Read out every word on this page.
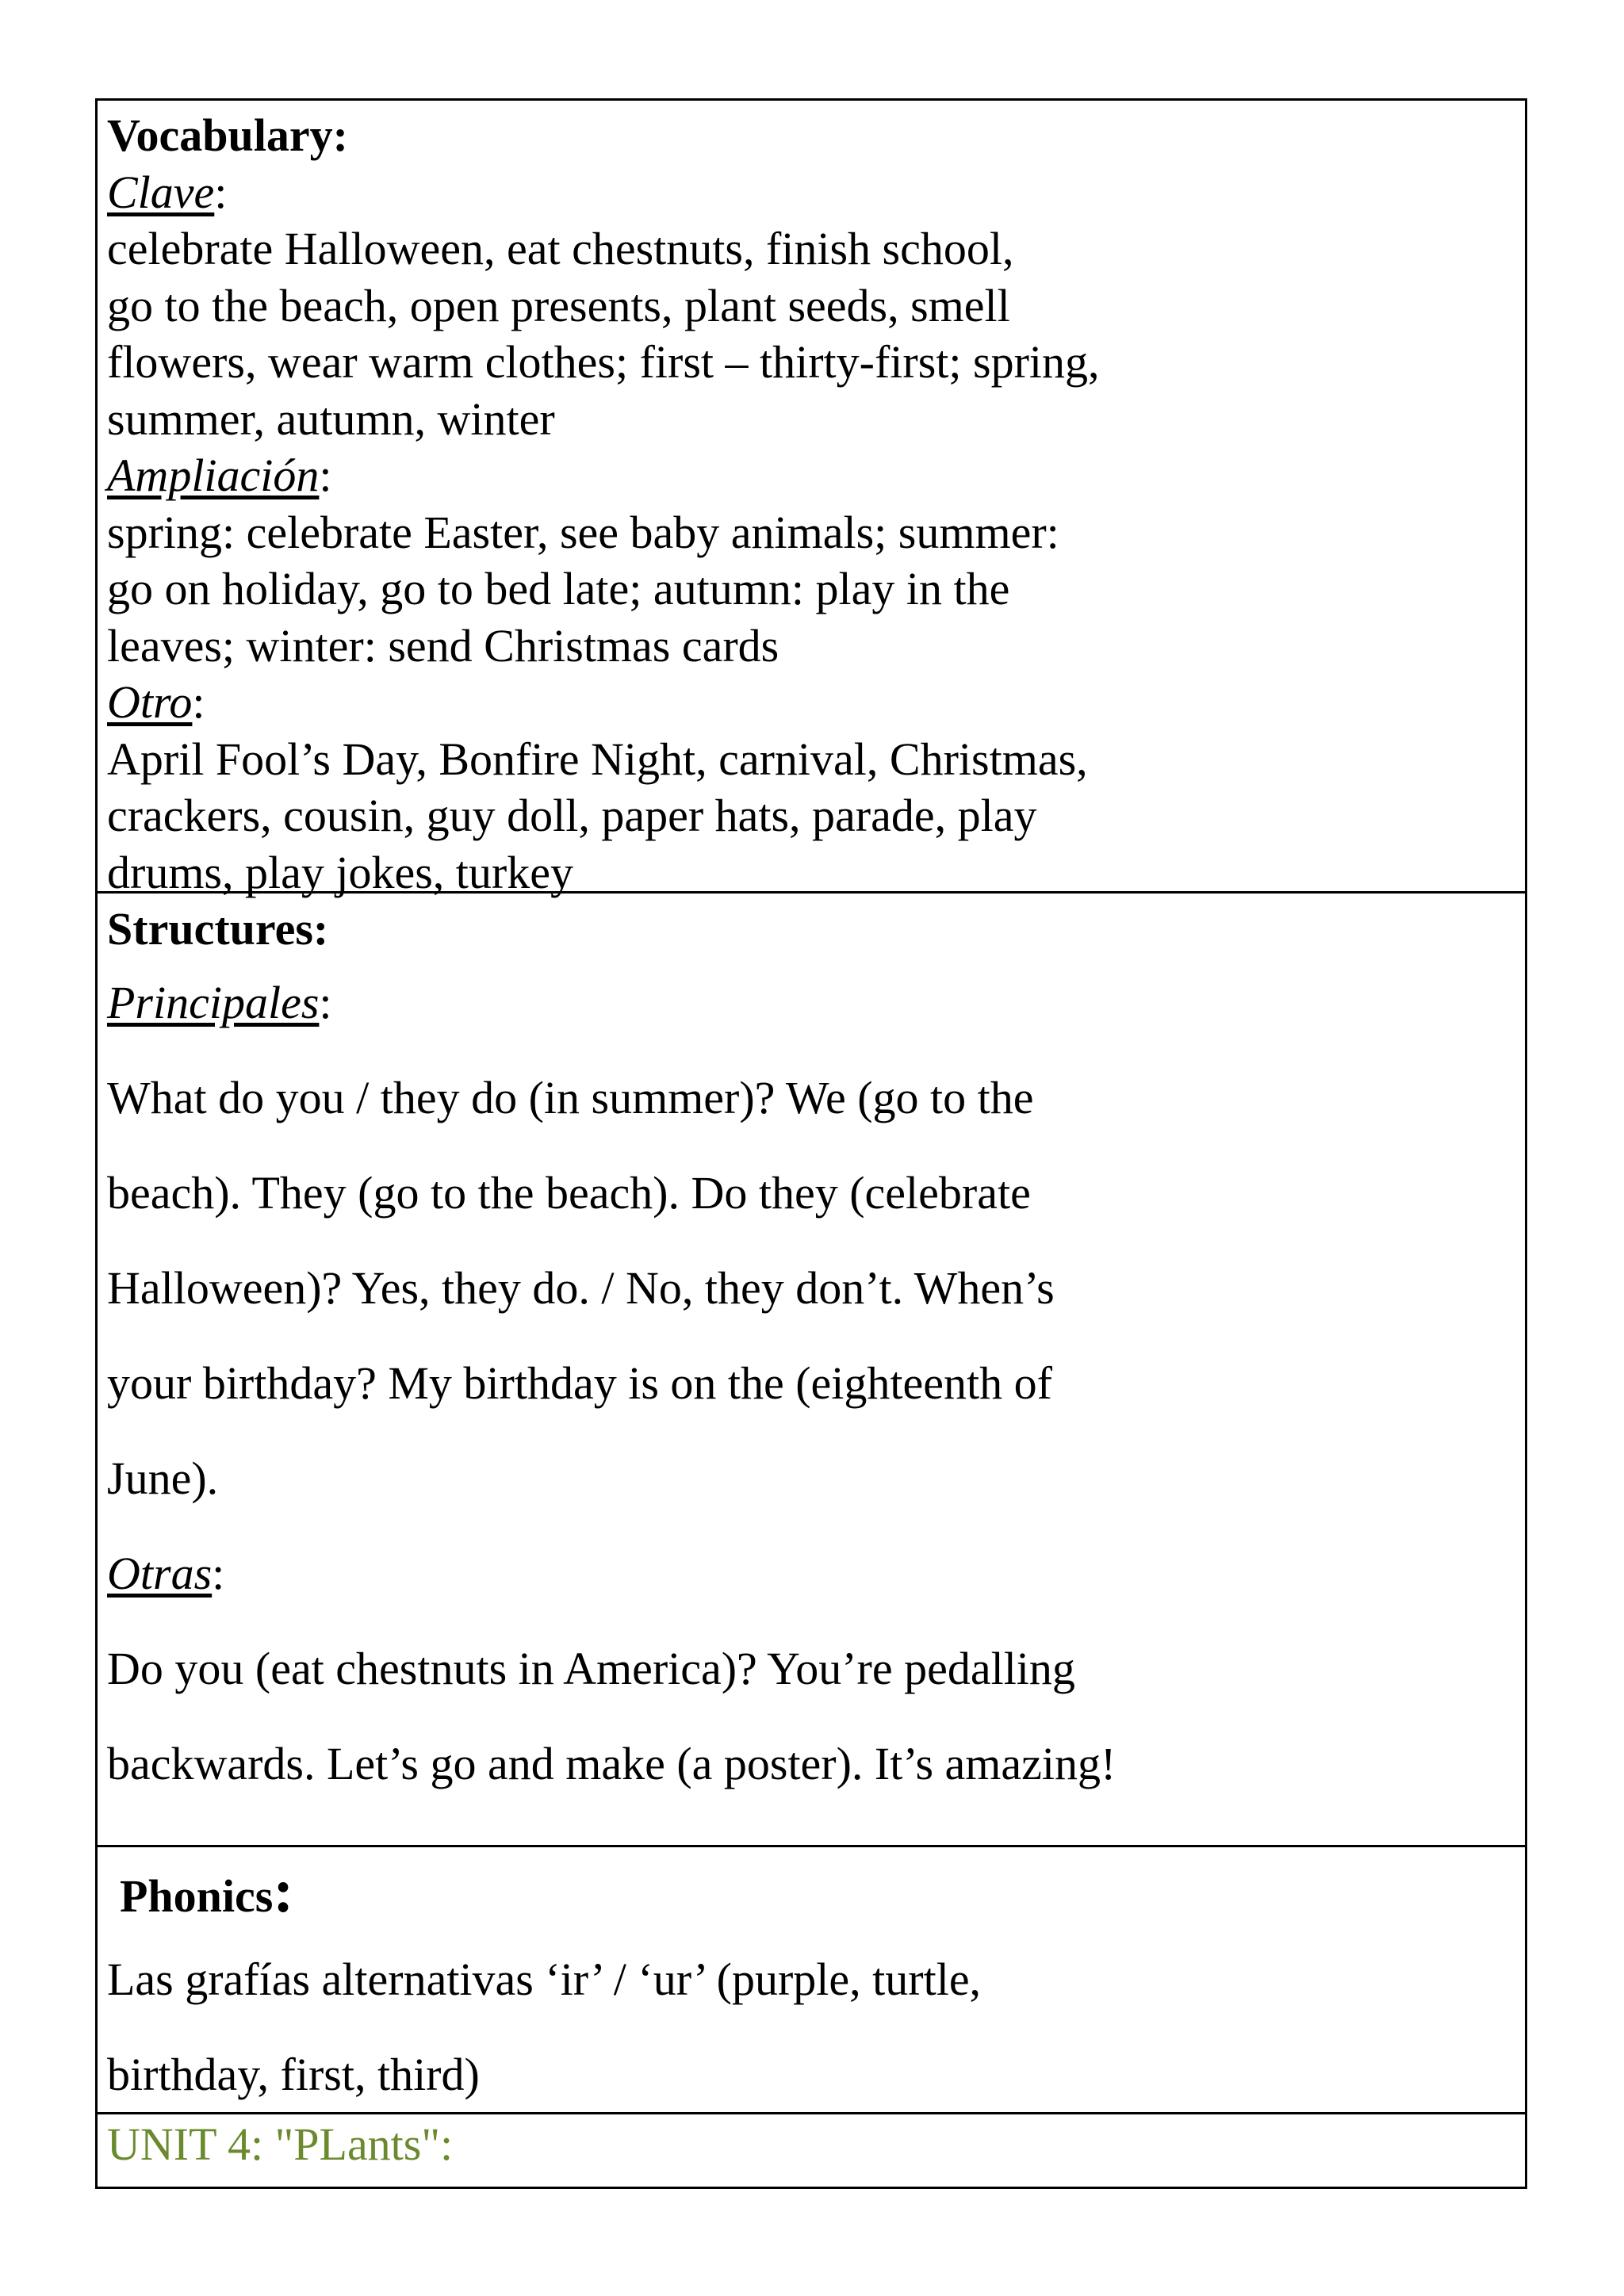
Vocabulary:

Clave:

celebrate Halloween, eat chestnuts, finish school,
go to the beach, open presents, plant seeds, smell
flowers, wear warm clothes; first – thirty-first; spring,
summer, autumn, winter

Ampliación:

spring: celebrate Easter, see baby animals; summer:
go on holiday, go to bed late; autumn: play in the
leaves; winter: send Christmas cards

Otro:

April Fool’s Day, Bonfire Night, carnival, Christmas,
crackers, cousin, guy doll, paper hats, parade, play
drums, play jokes, turkey

Structures:

Principales:

What do you / they do (in summer)? We (go to the

beach). They (go to the beach). Do they (celebrate

Halloween)? Yes, they do. / No, they don’t. When’s

your birthday? My birthday is on the (eighteenth of

June).

Otras:

Do you (eat chestnuts in America)? You’re pedalling

backwards. Let’s go and make (a poster). It’s amazing!

Phonics:

Las grafías alternativas ‘ir’ / ‘ur’ (purple, turtle,

birthday, first, third)

UNIT 4: "PLants":
